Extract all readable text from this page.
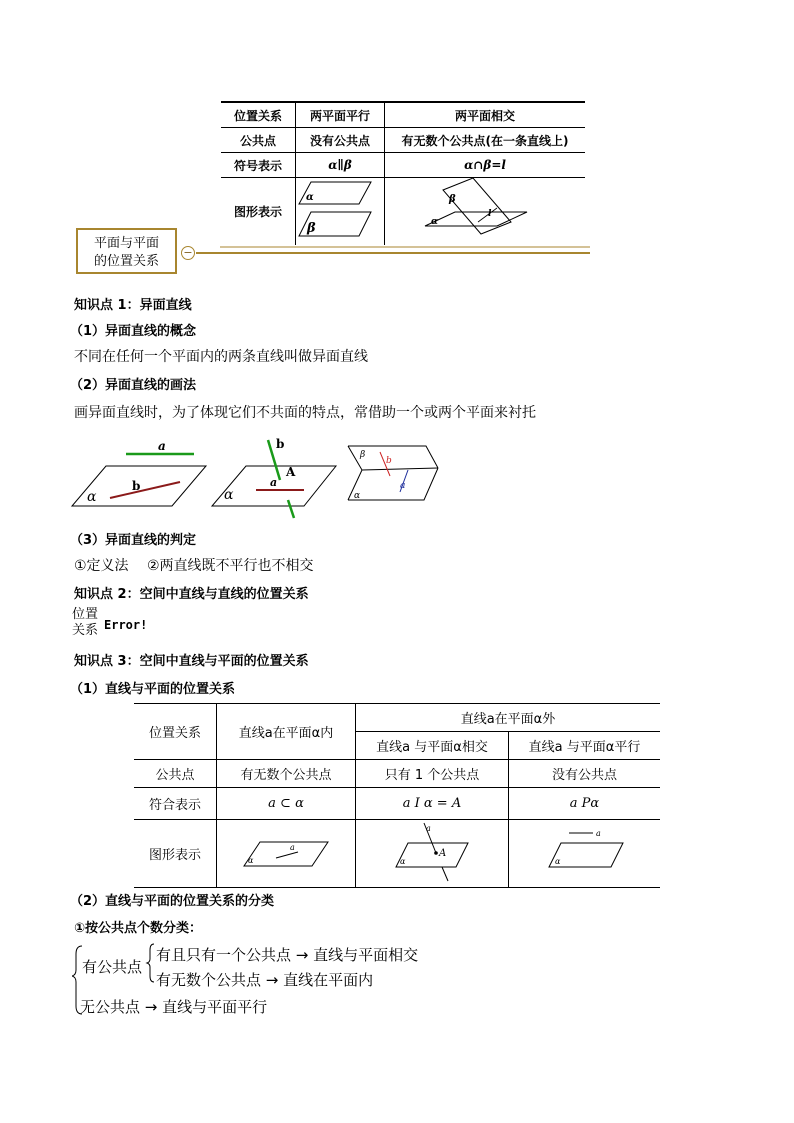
位置关系	两平面平行	两平面相交
公共点	没有公共点	有无数个公共点(在一条直线上)
符号表示	α∥β	α∩β=l
图形表示	α
β	β
α
l
平面与平面
的位置关系
−
知识点 1：异面直线
（1）异面直线的概念
不同在任何一个平面内的两条直线叫做异面直线
（2）异面直线的画法
画异面直线时，为了体现它们不共面的特点，常借助一个或两个平面来衬托
a
b
α
b
A
a
α
β
b
a
α
（3）异面直线的判定
①定义法　 ②两直线既不平行也不相交
知识点 2：空间中直线与直线的位置关系
位置
关系 Error!
知识点 3：空间中直线与平面的位置关系
（1）直线与平面的位置关系
位置关系	直线a在平面α内	直线a在平面α外	
		直线a 与平面α相交	直线a 与平面α平行
公共点	有无数个公共点	只有 1 个公共点	没有公共点
符合表示	a ⊂ α	a I α = A	a Pα
图形表示	a
α	a
A
α	a
α
（2）直线与平面的位置关系的分类
①按公共点个数分类：
有公共点
有且只有一个公共点 → 直线与平面相交
有无数个公共点 → 直线在平面内
无公共点 → 直线与平面平行
